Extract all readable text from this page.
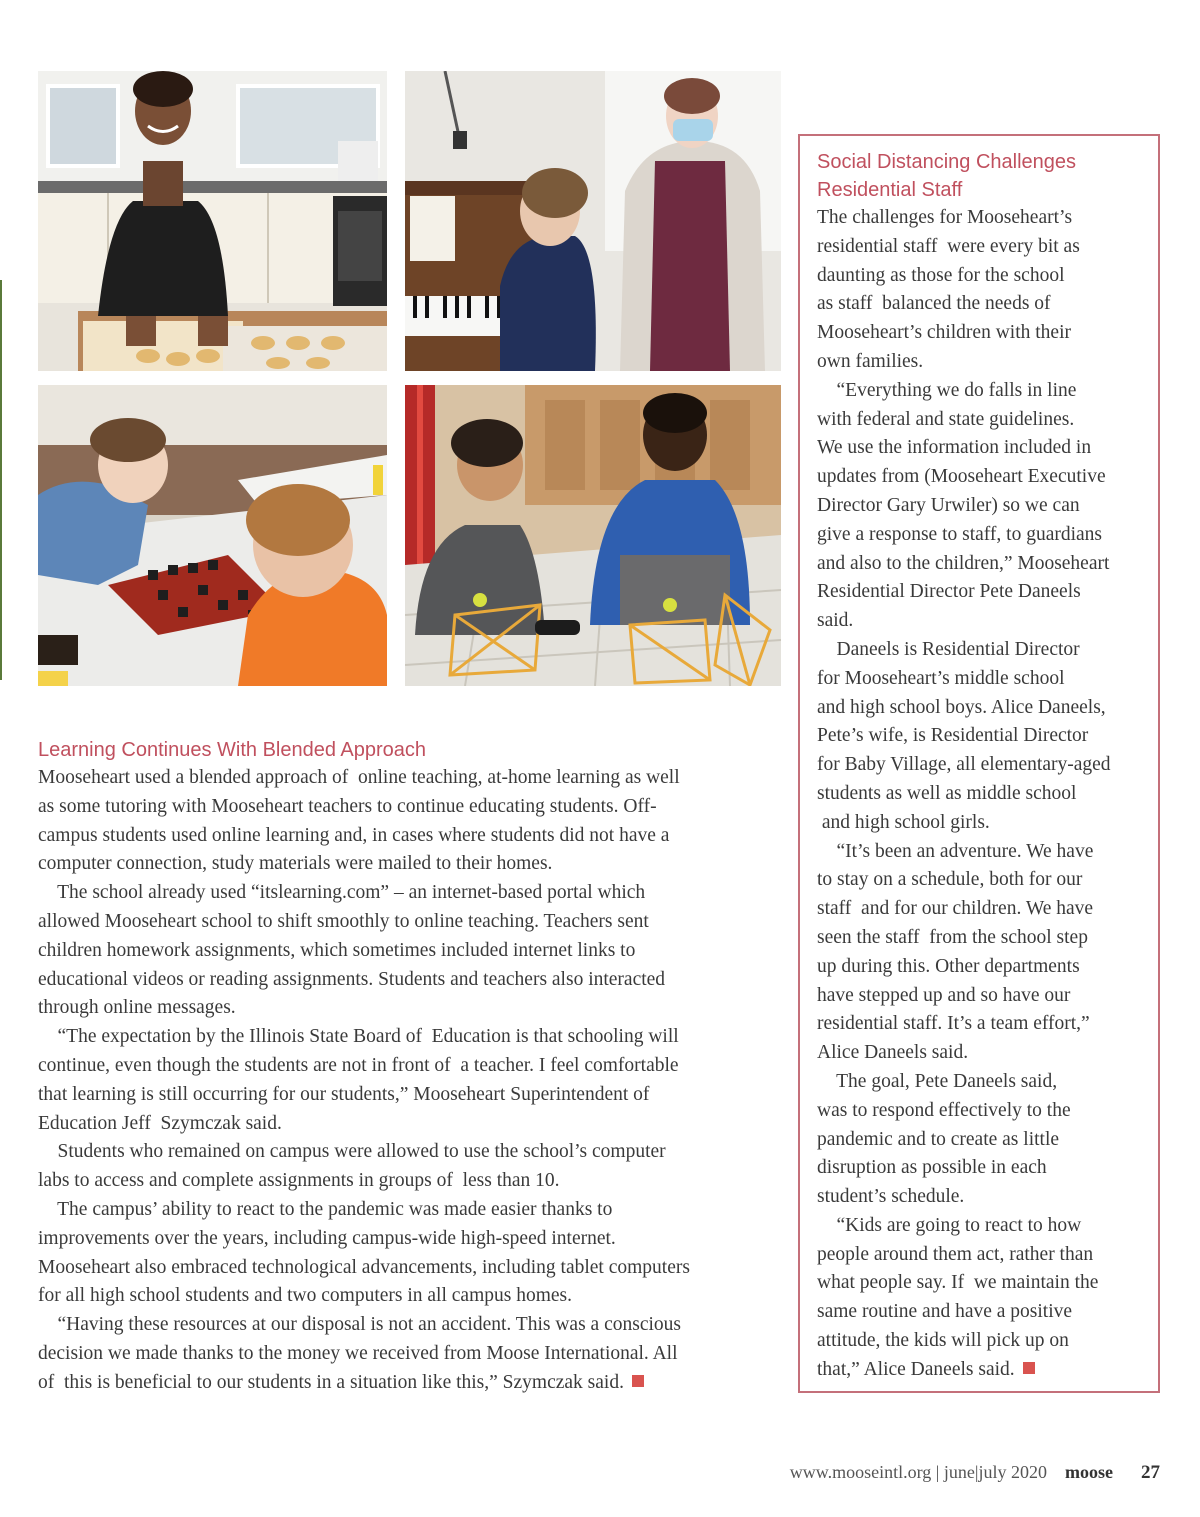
Social Distancing Challenges
Residential Staff

The challenges for Mooseheart’s

residential staff  were every bit as

daunting as those for the school

as staff  balanced the needs of

Mooseheart’s children with their

own families.

“Everything we do falls in line

with federal and state guidelines.

We use the information included in

updates from (Mooseheart Executive

Director Gary Urwiler) so we can

give a response to staff, to guardians

and also to the children,” Mooseheart

Residential Director Pete Daneels

said.

Daneels is Residential Director

for Mooseheart’s middle school

and high school boys. Alice Daneels,

Pete’s wife, is Residential Director

for Baby Village, all elementary-aged

students as well as middle school

and high school girls.

“It’s been an adventure. We have

to stay on a schedule, both for our

staff  and for our children. We have

seen the staff  from the school step

up during this. Other departments

have stepped up and so have our

residential staff. It’s a team effort,”

Alice Daneels said.

The goal, Pete Daneels said,

was to respond effectively to the

pandemic and to create as little

disruption as possible in each

student’s schedule.

“Kids are going to react to how

people around them act, rather than

what people say. If  we maintain the

same routine and have a positive

attitude, the kids will pick up on

that,” Alice Daneels said.

Learning Continues With Blended Approach

Mooseheart used a blended approach of  online teaching, at-home learning as well

as some tutoring with Mooseheart teachers to continue educating students. Off-

campus students used online learning and, in cases where students did not have a

computer connection, study materials were mailed to their homes.

The school already used “itslearning.com” – an internet-based portal which

allowed Mooseheart school to shift smoothly to online teaching. Teachers sent

children homework assignments, which sometimes included internet links to

educational videos or reading assignments. Students and teachers also interacted

through online messages.

“The expectation by the Illinois State Board of  Education is that schooling will

continue, even though the students are not in front of  a teacher. I feel comfortable

that learning is still occurring for our students,” Mooseheart Superintendent of

Education Jeff  Szymczak said.

Students who remained on campus were allowed to use the school’s computer

labs to access and complete assignments in groups of  less than 10.

The campus’ ability to react to the pandemic was made easier thanks to

improvements over the years, including campus-wide high-speed internet.

Mooseheart also embraced technological advancements, including tablet computers

for all high school students and two computers in all campus homes.

“Having these resources at our disposal is not an accident. This was a conscious

decision we made thanks to the money we received from Moose International. All

of  this is beneficial to our students in a situation like this,” Szymczak said.

www.mooseintl.org | june|july 2020 moose 27
